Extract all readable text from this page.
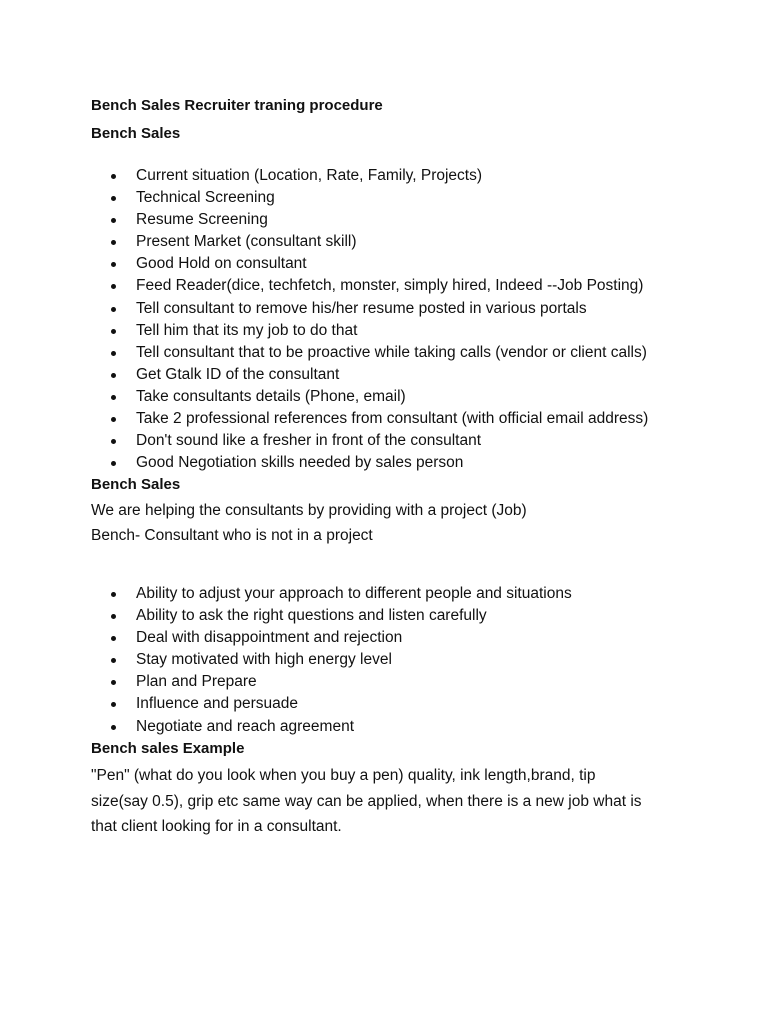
Bench Sales Recruiter traning procedure
Bench Sales
Current situation (Location, Rate, Family, Projects)
Technical Screening
Resume Screening
Present Market (consultant skill)
Good Hold on consultant
Feed Reader(dice, techfetch, monster, simply hired, Indeed --Job Posting)
Tell consultant to remove his/her resume posted in various portals
Tell him that its my job to do that
Tell consultant that to be proactive while taking calls (vendor or client calls)
Get Gtalk ID of the consultant
Take consultants details (Phone, email)
Take 2 professional references from consultant (with official email address)
Don't sound like a fresher in front of the consultant
Good Negotiation skills needed by sales person
Bench Sales
We are helping the consultants by providing with a project (Job)
Bench- Consultant who is not in a project
Ability to adjust your approach to different people and situations
Ability to ask the right questions and listen carefully
Deal with disappointment and rejection
Stay motivated with high energy level
Plan and Prepare
Influence and persuade
Negotiate and reach agreement
Bench sales Example
"Pen" (what do you look when you buy a pen) quality, ink length,brand, tip
size(say 0.5), grip etc same way can be applied, when there is a new job what is
that client looking for in a consultant.
